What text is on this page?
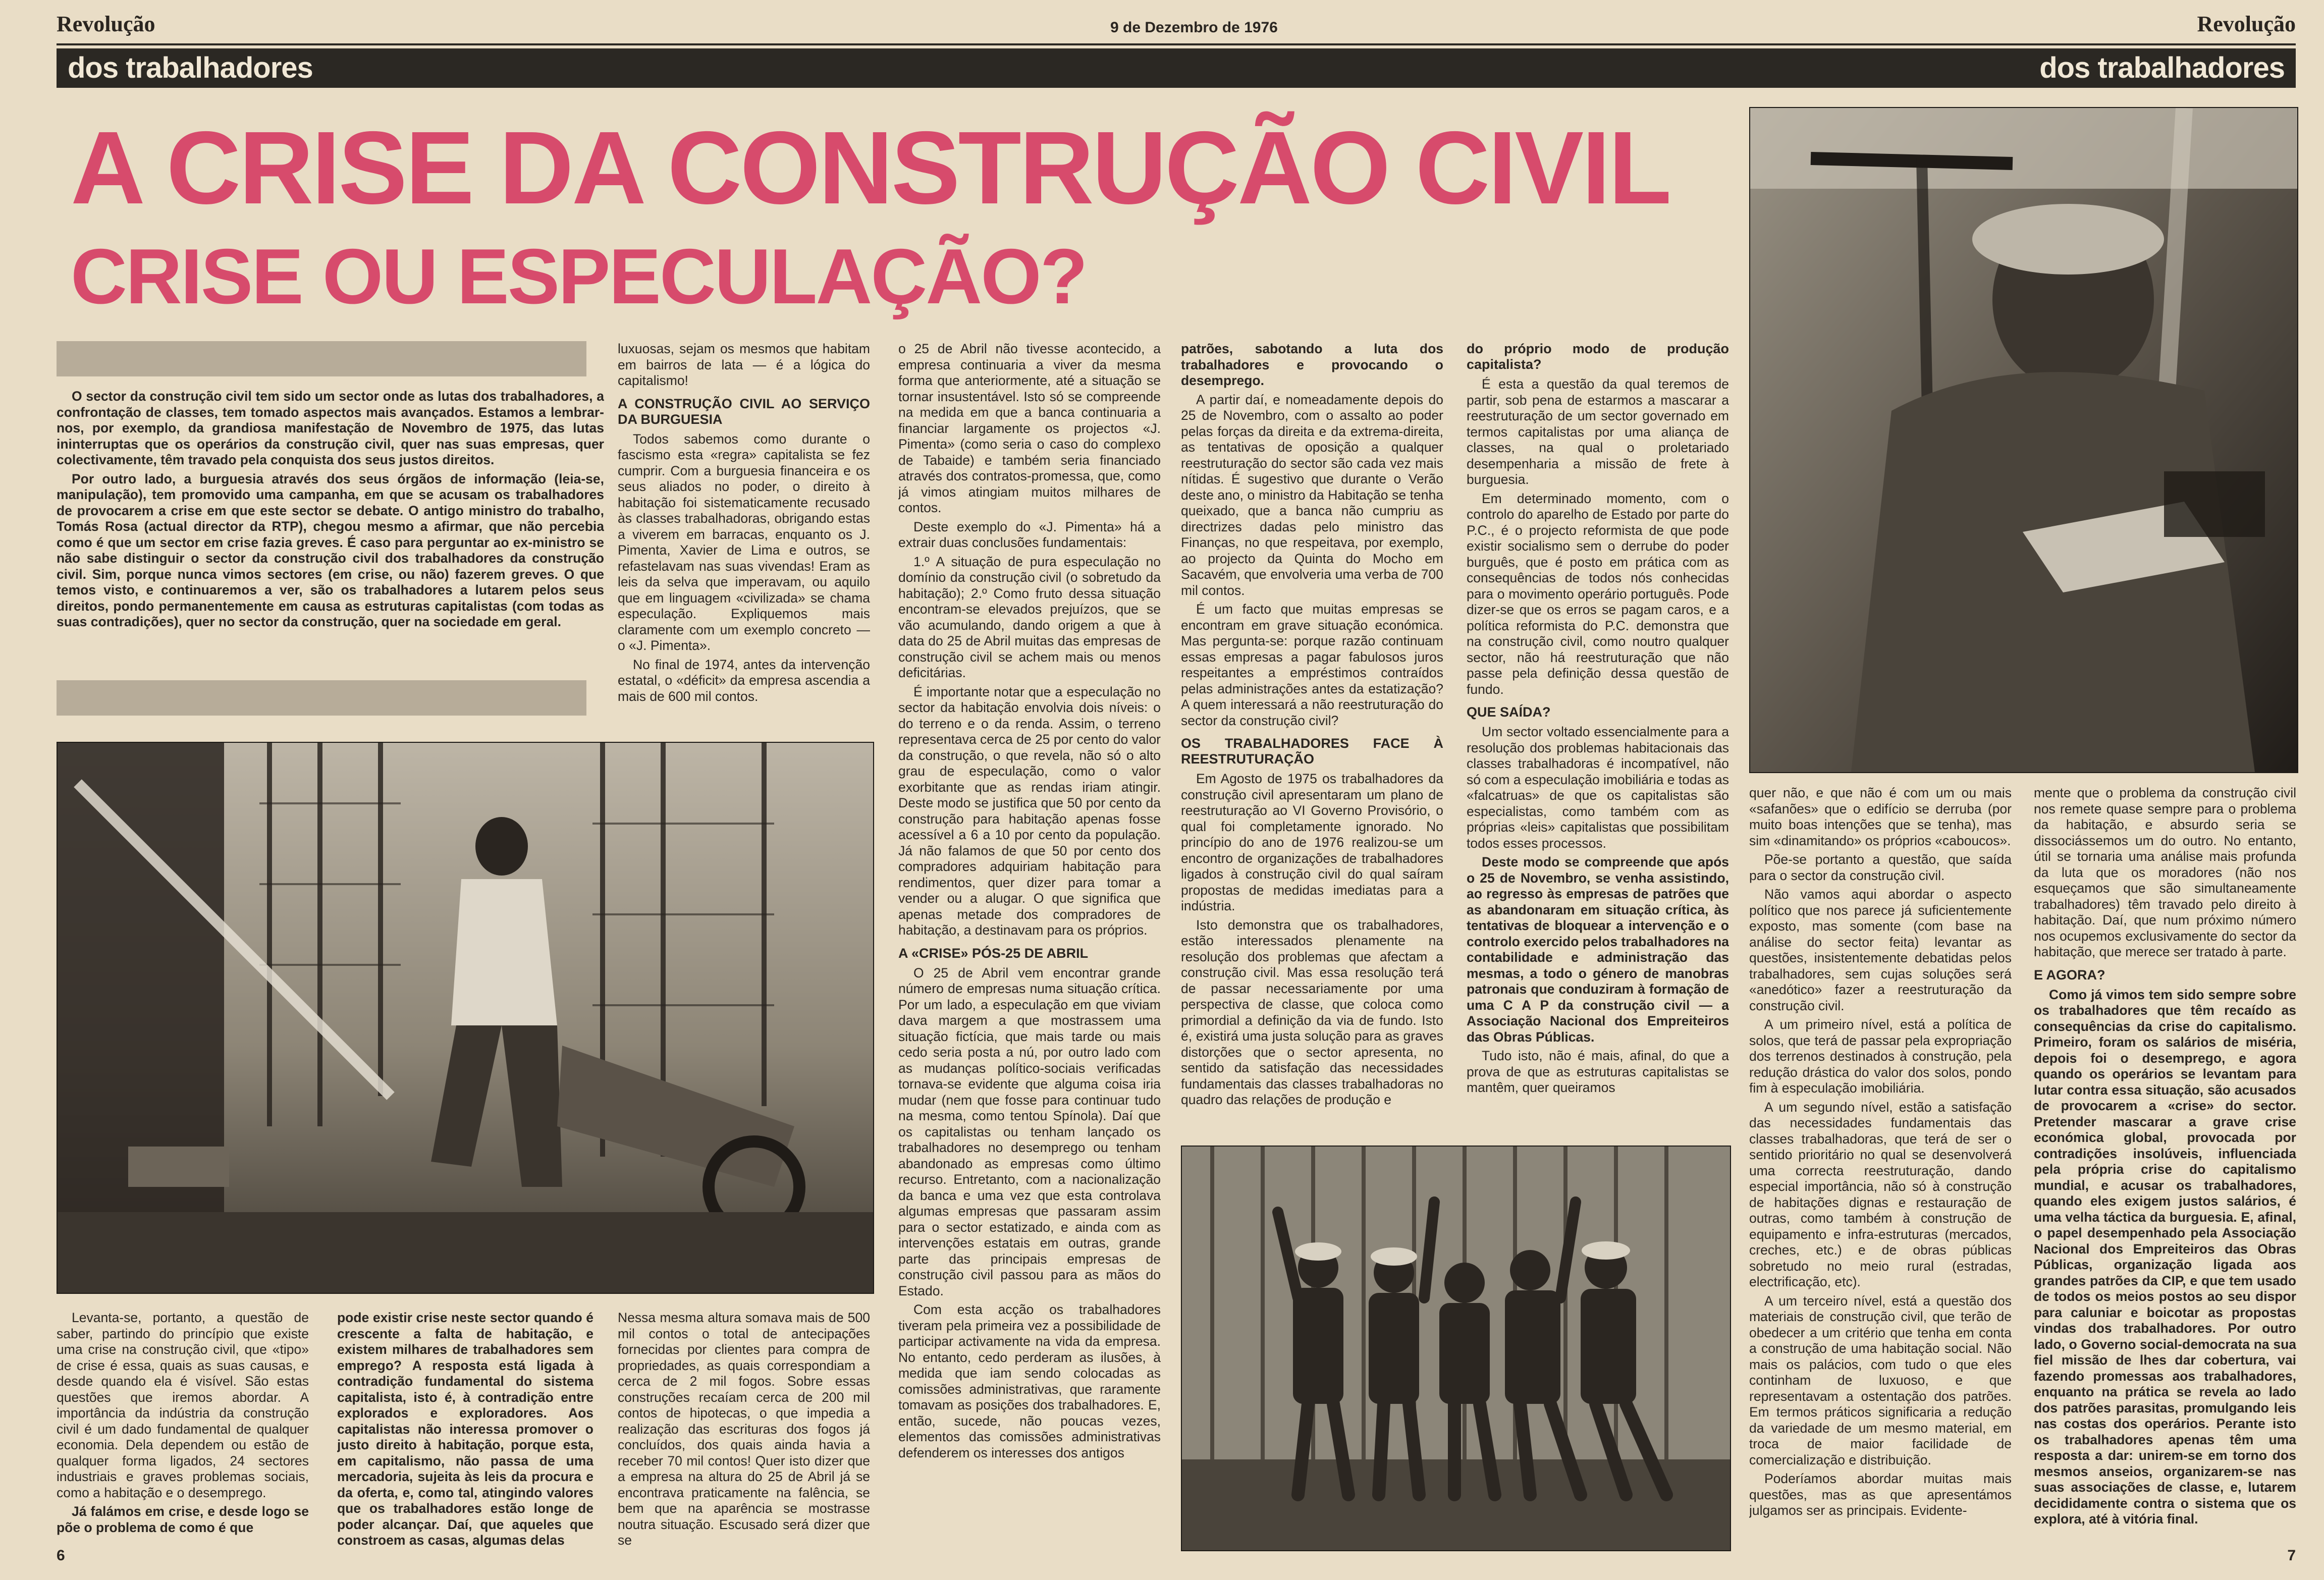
Revolução	9 de Dezembro de 1976	Revolução
dos trabalhadores	dos trabalhadores
A CRISE DA CONSTRUÇÃO CIVIL
CRISE OU ESPECULAÇÃO?

O sector da construção civil tem sido um sector onde as lutas dos trabalhadores, a confrontação de classes, tem tomado aspectos mais avançados. Estamos a lembrar-nos, por exemplo, da grandiosa manifestação de Novembro de 1975, das lutas ininterruptas que os operários da construção civil, quer nas suas empresas, quer colectivamente, têm travado pela conquista dos seus justos direitos.

Por outro lado, a burguesia através dos seus órgãos de informação (leia-se, manipulação), tem promovido uma campanha, em que se acusam os trabalhadores de provocarem a crise em que este sector se debate. O antigo ministro do trabalho, Tomás Rosa (actual director da RTP), chegou mesmo a afirmar, que não percebia como é que um sector em crise fazia greves. É caso para perguntar ao ex-ministro se não sabe distinguir o sector da construção civil dos trabalhadores da construção civil. Sim, porque nunca vimos sectores (em crise, ou não) fazerem greves. O que temos visto, e continuaremos a ver, são os trabalhadores a lutarem pelos seus direitos, pondo permanentemente em causa as estruturas capitalistas (com todas as suas contradições), quer no sector da construção, quer na sociedade em geral.

Levanta-se, portanto, a questão de saber, partindo do princípio que existe uma crise na construção civil, que «tipo» de crise é essa, quais as suas causas, e desde quando ela é visível. São estas questões que iremos abordar. A importância da indústria da construção civil é um dado fundamental de qualquer economia. Dela dependem ou estão de qualquer forma ligados, 24 sectores industriais e graves problemas sociais, como a habitação e o desemprego.

Já falámos em crise, e desde logo se põe o problema de como é que

pode existir crise neste sector quando é crescente a falta de habitação, e existem milhares de trabalhadores sem emprego? A resposta está ligada à contradição fundamental do sistema capitalista, isto é, à contradição entre explorados e exploradores. Aos capitalistas não interessa promover o justo direito à habitação, porque esta, em capitalismo, não passa de uma mercadoria, sujeita às leis da procura e da oferta, e, como tal, atingindo valores que os trabalhadores estão longe de poder alcançar. Daí, que aqueles que constroem as casas, algumas delas

luxuosas, sejam os mesmos que habitam em bairros de lata — é a lógica do capitalismo!

A CONSTRUÇÃO CIVIL AO SERVIÇO DA BURGUESIA

Todos sabemos como durante o fascismo esta «regra» capitalista se fez cumprir. Com a burguesia financeira e os seus aliados no poder, o direito à habitação foi sistematicamente recusado às classes trabalhadoras, obrigando estas a viverem em barracas, enquanto os J. Pimenta, Xavier de Lima e outros, se refastelavam nas suas vivendas! Eram as leis da selva que imperavam, ou aquilo que em linguagem «civilizada» se chama especulação. Expliquemos mais claramente com um exemplo concreto — o «J. Pimenta».

No final de 1974, antes da intervenção estatal, o «déficit» da empresa ascendia a mais de 600 mil contos.

Nessa mesma altura somava mais de 500 mil contos o total de antecipações fornecidas por clientes para compra de propriedades, as quais correspondiam a cerca de 2 mil fogos. Sobre essas construções recaíam cerca de 200 mil contos de hipotecas, o que impedia a realização das escrituras dos fogos já concluídos, dos quais ainda havia a receber 70 mil contos! Quer isto dizer que a empresa na altura do 25 de Abril já se encontrava praticamente na falência, se bem que na aparência se mostrasse noutra situação. Escusado será dizer que se

o 25 de Abril não tivesse acontecido, a empresa continuaria a viver da mesma forma que anteriormente, até a situação se tornar insustentável. Isto só se compreende na medida em que a banca continuaria a financiar largamente os projectos «J. Pimenta» (como seria o caso do complexo de Tabaide) e também seria financiado através dos contratos-promessa, que, como já vimos atingiam muitos milhares de contos.

Deste exemplo do «J. Pimenta» há a extrair duas conclusões fundamentais:

1.º A situação de pura especulação no domínio da construção civil (o sobretudo da habitação); 2.º Como fruto dessa situação encontram-se elevados prejuízos, que se vão acumulando, dando origem a que à data do 25 de Abril muitas das empresas de construção civil se achem mais ou menos deficitárias.

É importante notar que a especulação no sector da habitação envolvia dois níveis: o do terreno e o da renda. Assim, o terreno representava cerca de 25 por cento do valor da construção, o que revela, não só o alto grau de especulação, como o valor exorbitante que as rendas iriam atingir. Deste modo se justifica que 50 por cento da construção para habitação apenas fosse acessível a 6 a 10 por cento da população. Já não falamos de que 50 por cento dos compradores adquiriam habitação para rendimentos, quer dizer para tomar a vender ou a alugar. O que significa que apenas metade dos compradores de habitação, a destinavam para os próprios.

A «CRISE» PÓS-25 DE ABRIL

O 25 de Abril vem encontrar grande número de empresas numa situação crítica. Por um lado, a especulação em que viviam dava margem a que mostrassem uma situação fictícia, que mais tarde ou mais cedo seria posta a nú, por outro lado com as mudanças político-sociais verificadas tornava-se evidente que alguma coisa iria mudar (nem que fosse para continuar tudo na mesma, como tentou Spínola). Daí que os capitalistas ou tenham lançado os trabalhadores no desemprego ou tenham abandonado as empresas como último recurso. Entretanto, com a nacionalização da banca e uma vez que esta controlava algumas empresas que passaram assim para o sector estatizado, e ainda com as intervenções estatais em outras, grande parte das principais empresas de construção civil passou para as mãos do Estado.

Com esta acção os trabalhadores tiveram pela primeira vez a possibilidade de participar activamente na vida da empresa. No entanto, cedo perderam as ilusões, à medida que iam sendo colocadas as comissões administrativas, que raramente tomavam as posições dos trabalhadores. E, então, sucede, não poucas vezes, elementos das comissões administrativas defenderem os interesses dos antigos

patrões, sabotando a luta dos trabalhadores e provocando o desemprego.

A partir daí, e nomeadamente depois do 25 de Novembro, com o assalto ao poder pelas forças da direita e da extrema-direita, as tentativas de oposição a qualquer reestruturação do sector são cada vez mais nítidas. É sugestivo que durante o Verão deste ano, o ministro da Habitação se tenha queixado, que a banca não cumpriu as directrizes dadas pelo ministro das Finanças, no que respeitava, por exemplo, ao projecto da Quinta do Mocho em Sacavém, que envolveria uma verba de 700 mil contos.

É um facto que muitas empresas se encontram em grave situação económica. Mas pergunta-se: porque razão continuam essas empresas a pagar fabulosos juros respeitantes a empréstimos contraídos pelas administrações antes da estatização? A quem interessará a não reestruturação do sector da construção civil?

OS TRABALHADORES FACE À REESTRUTURAÇÃO

Em Agosto de 1975 os trabalhadores da construção civil apresentaram um plano de reestruturação ao VI Governo Provisório, o qual foi completamente ignorado. No princípio do ano de 1976 realizou-se um encontro de organizações de trabalhadores ligados à construção civil do qual saíram propostas de medidas imediatas para a indústria.

Isto demonstra que os trabalhadores, estão interessados plenamente na resolução dos problemas que afectam a construção civil. Mas essa resolução terá de passar necessariamente por uma perspectiva de classe, que coloca como primordial a definição da via de fundo. Isto é, existirá uma justa solução para as graves distorções que o sector apresenta, no sentido da satisfação das necessidades fundamentais das classes trabalhadoras no quadro das relações de produção e

do próprio modo de produção capitalista?

É esta a questão da qual teremos de partir, sob pena de estarmos a mascarar a reestruturação de um sector governado em termos capitalistas por uma aliança de classes, na qual o proletariado desempenharia a missão de frete à burguesia.

Em determinado momento, com o controlo do aparelho de Estado por parte do P.C., é o projecto reformista de que pode existir socialismo sem o derrube do poder burguês, que é posto em prática com as consequências de todos nós conhecidas para o movimento operário português. Pode dizer-se que os erros se pagam caros, e a política reformista do P.C. demonstra que na construção civil, como noutro qualquer sector, não há reestruturação que não passe pela definição dessa questão de fundo.

QUE SAÍDA?

Um sector voltado essencialmente para a resolução dos problemas habitacionais das classes trabalhadoras é incompatível, não só com a especulação imobiliária e todas as «falcatruas» de que os capitalistas são especialistas, como também com as próprias «leis» capitalistas que possibilitam todos esses processos.

Deste modo se compreende que após o 25 de Novembro, se venha assistindo, ao regresso às empresas de patrões que as abandonaram em situação crítica, às tentativas de bloquear a intervenção e o controlo exercido pelos trabalhadores na contabilidade e administração das mesmas, a todo o género de manobras patronais que conduziram à formação de uma C A P da construção civil — a Associação Nacional dos Empreiteiros das Obras Públicas.

Tudo isto, não é mais, afinal, do que a prova de que as estruturas capitalistas se mantêm, quer queiramos

quer não, e que não é com um ou mais «safanões» que o edifício se derruba (por muito boas intenções que se tenha), mas sim «dinamitando» os próprios «caboucos».

Põe-se portanto a questão, que saída para o sector da construção civil.

Não vamos aqui abordar o aspecto político que nos parece já suficientemente exposto, mas somente (com base na análise do sector feita) levantar as questões, insistentemente debatidas pelos trabalhadores, sem cujas soluções será «anedótico» fazer a reestruturação da construção civil.

A um primeiro nível, está a política de solos, que terá de passar pela expropriação dos terrenos destinados à construção, pela redução drástica do valor dos solos, pondo fim à especulação imobiliária.

A um segundo nível, estão a satisfação das necessidades fundamentais das classes trabalhadoras, que terá de ser o sentido prioritário no qual se desenvolverá uma correcta reestruturação, dando especial importância, não só à construção de habitações dignas e restauração de outras, como também à construção de equipamento e infra-estruturas (mercados, creches, etc.) e de obras públicas sobretudo no meio rural (estradas, electrificação, etc).

A um terceiro nível, está a questão dos materiais de construção civil, que terão de obedecer a um critério que tenha em conta a construção de uma habitação social. Não mais os palácios, com tudo o que eles continham de luxuoso, e que representavam a ostentação dos patrões. Em termos práticos significaria a redução da variedade de um mesmo material, em troca de maior facilidade de comercialização e distribuição.

Poderíamos abordar muitas mais questões, mas as que apresentámos julgamos ser as principais. Evidente-

mente que o problema da construção civil nos remete quase sempre para o problema da habitação, e absurdo seria se dissociássemos um do outro. No entanto, útil se tornaria uma análise mais profunda da luta que os moradores (não nos esqueçamos que são simultaneamente trabalhadores) têm travado pelo direito à habitação. Daí, que num próximo número nos ocupemos exclusivamente do sector da habitação, que merece ser tratado à parte.

E AGORA?

Como já vimos tem sido sempre sobre os trabalhadores que têm recaído as consequências da crise do capitalismo. Primeiro, foram os salários de miséria, depois foi o desemprego, e agora quando os operários se levantam para lutar contra essa situação, são acusados de provocarem a «crise» do sector. Pretender mascarar a grave crise económica global, provocada por contradições insolúveis, influenciada pela própria crise do capitalismo mundial, e acusar os trabalhadores, quando eles exigem justos salários, é uma velha táctica da burguesia. E, afinal, o papel desempenhado pela Associação Nacional dos Empreiteiros das Obras Públicas, organização ligada aos grandes patrões da CIP, e que tem usado de todos os meios postos ao seu dispor para caluniar e boicotar as propostas vindas dos trabalhadores. Por outro lado, o Governo social-democrata na sua fiel missão de lhes dar cobertura, vai fazendo promessas aos trabalhadores, enquanto na prática se revela ao lado dos patrões parasitas, promulgando leis nas costas dos operários. Perante isto os trabalhadores apenas têm uma resposta a dar: unirem-se em torno dos mesmos anseios, organizarem-se nas suas associações de classe, e, lutarem decididamente contra o sistema que os explora, até à vitória final.

6	7
